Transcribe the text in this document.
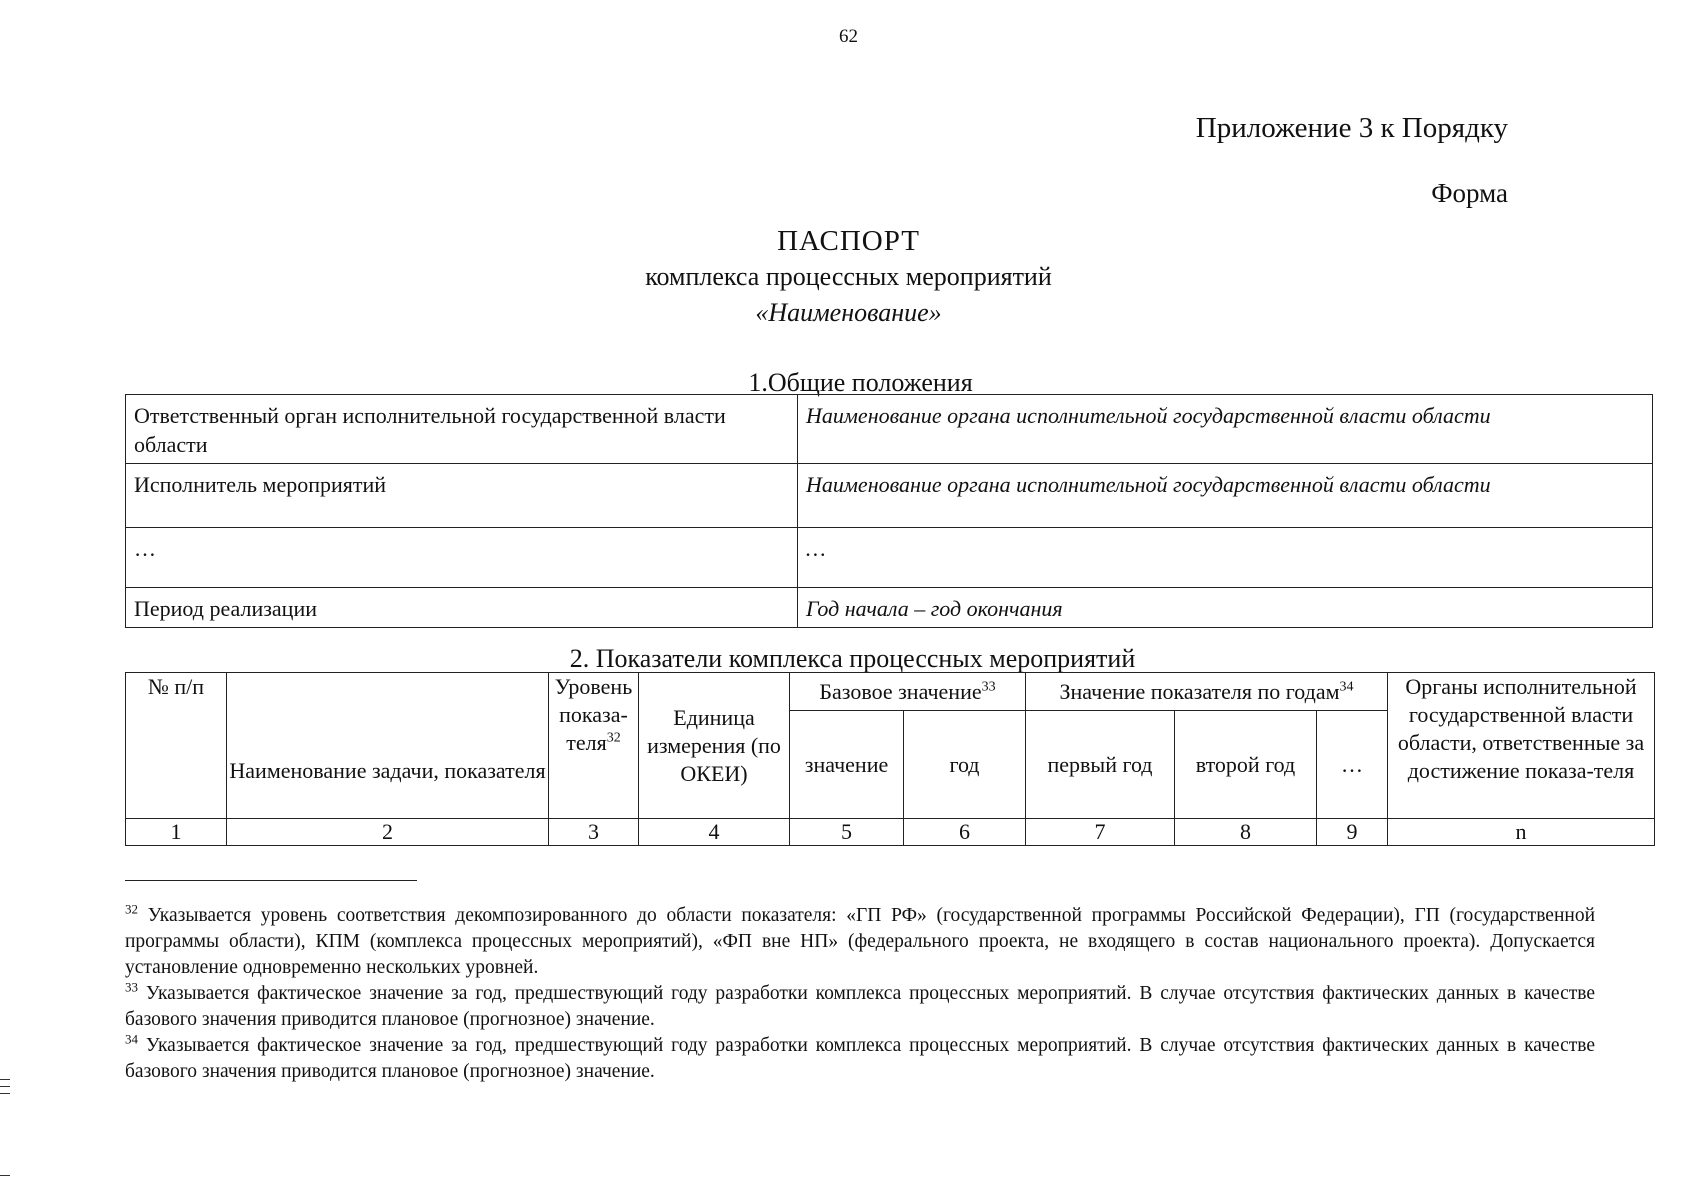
62
Приложение 3 к Порядку
Форма
ПАСПОРТ
комплекса процессных мероприятий
«Наименование»
1.Общие положения
Ответственный орган исполнительной государственной власти области	Наименование органа исполнительной государственной власти области
Исполнитель мероприятий	Наименование органа исполнительной государственной власти области
…	…
Период реализации	Год начала – год окончания
2. Показатели комплекса процессных мероприятий
№ п/п	Наименование задачи, показателя	Уровень показа-теля$^{32}$	Единица измерения (по ОКЕИ)	Базовое значение$^{33}$		Значение показателя по годам$^{34}$			Органы исполнительной государственной власти области, ответственные за достижение показа-теля
				значение	год	первый год	второй год	…	
1	2	3	4	5	6	7	8	9	n

$^{32}$ Указывается уровень соответствия декомпозированного до области показателя: «ГП РФ» (государственной программы Российской Федерации), ГП (государственной программы области), КПМ (комплекса процессных мероприятий), «ФП вне НП» (федерального проекта, не входящего в состав национального проекта). Допускается установление одновременно нескольких уровней.

$^{33}$ Указывается фактическое значение за год, предшествующий году разработки комплекса процессных мероприятий. В случае отсутствия фактических данных в качестве базового значения приводится плановое (прогнозное) значение.

$^{34}$ Указывается фактическое значение за год, предшествующий году разработки комплекса процессных мероприятий. В случае отсутствия фактических данных в качестве базового значения приводится плановое (прогнозное) значение.
